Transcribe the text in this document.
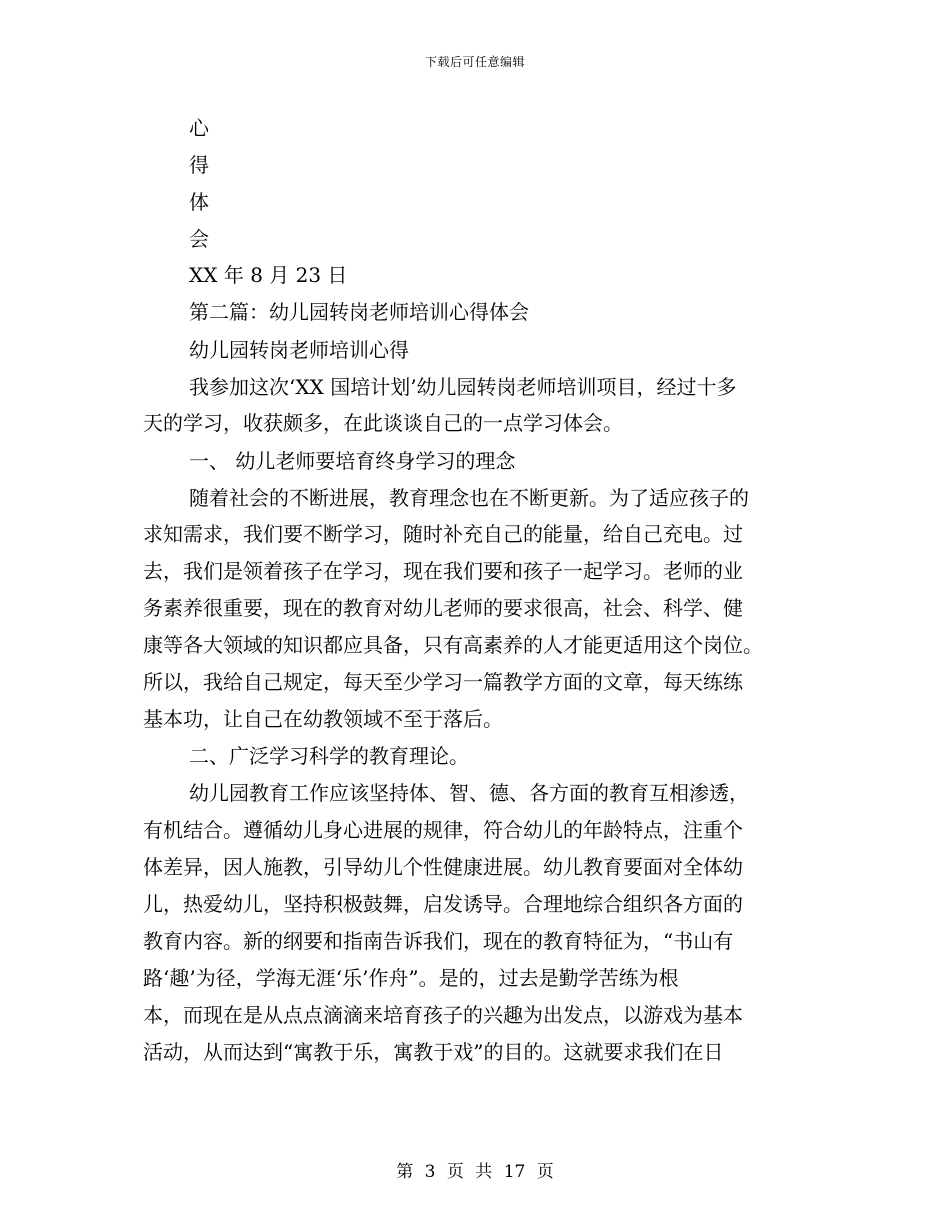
下载后可任意编辑
心
得
体
会
XX 年 8 月 23 日
第二篇：幼儿园转岗老师培训心得体会
幼儿园转岗老师培训心得
我参加这次‘XX 国培计划’幼儿园转岗老师培训项目，经过十多
天的学习，收获颇多，在此谈谈自己的一点学习体会。
一、 幼儿老师要培育终身学习的理念
随着社会的不断进展，教育理念也在不断更新。为了适应孩子的
求知需求，我们要不断学习，随时补充自己的能量，给自己充电。过
去，我们是领着孩子在学习，现在我们要和孩子一起学习。老师的业
务素养很重要，现在的教育对幼儿老师的要求很高，社会、科学、健
康等各大领域的知识都应具备，只有高素养的人才能更适用这个岗位。
所以，我给自己规定，每天至少学习一篇教学方面的文章，每天练练
基本功，让自己在幼教领域不至于落后。
二、广泛学习科学的教育理论。
幼儿园教育工作应该坚持体、智、德、各方面的教育互相渗透，
有机结合。遵循幼儿身心进展的规律，符合幼儿的年龄特点，注重个
体差异，因人施教，引导幼儿个性健康进展。幼儿教育要面对全体幼
儿，热爱幼儿，坚持积极鼓舞，启发诱导。合理地综合组织各方面的
教育内容。新的纲要和指南告诉我们，现在的教育特征为，“书山有
路‘趣’为径，学海无涯‘乐’作舟”。是的，过去是勤学苦练为根
本，而现在是从点点滴滴来培育孩子的兴趣为出发点，以游戏为基本
活动，从而达到“寓教于乐，寓教于戏”的目的。这就要求我们在日
第 3 页 共 17 页
